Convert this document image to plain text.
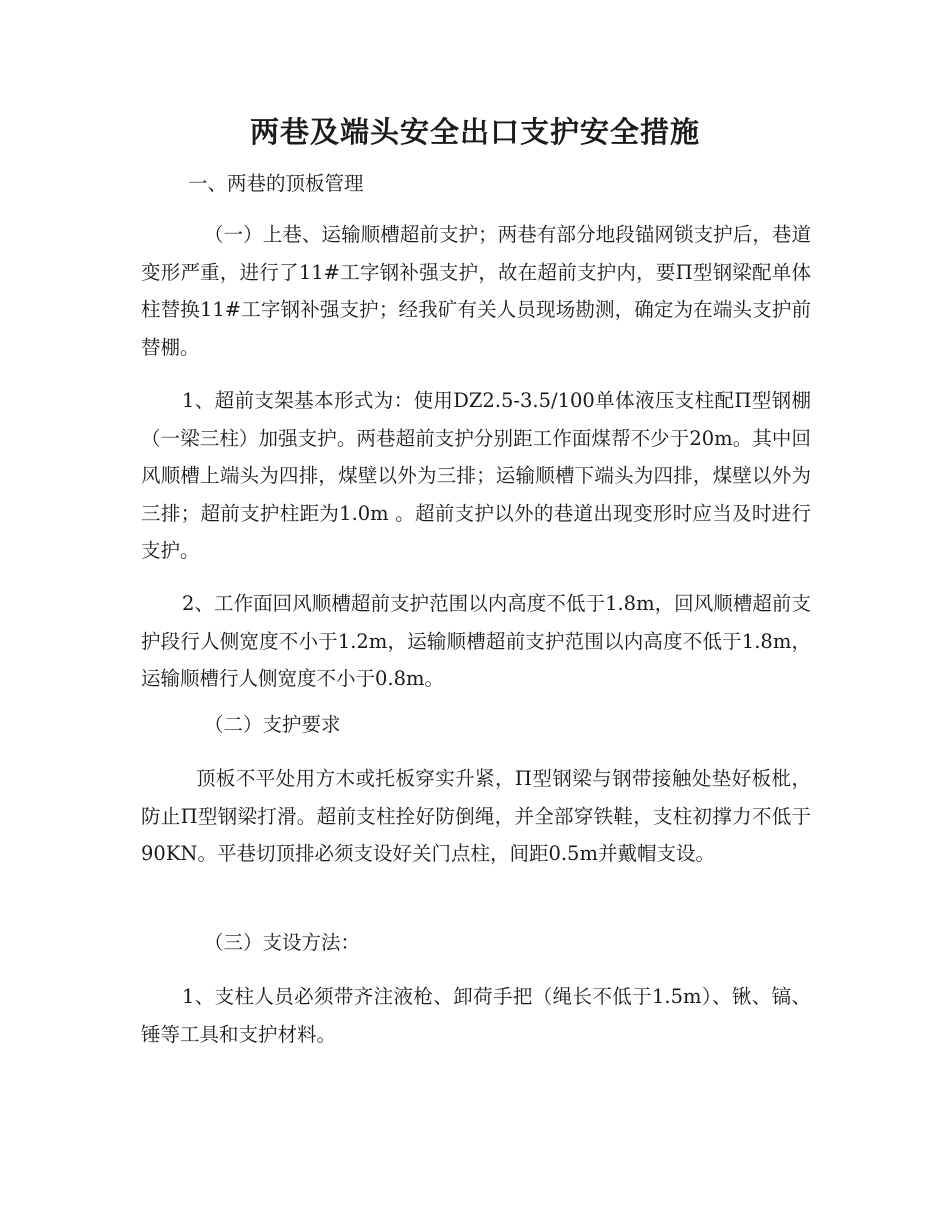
两巷及端头安全出口支护安全措施

一、两巷的顶板管理

（一）上巷、运输顺槽超前支护；两巷有部分地段锚网锁支护后，巷道变形严重，进行了11#工字钢补强支护，故在超前支护内，要Π型钢梁配单体柱替换11#工字钢补强支护；经我矿有关人员现场勘测，确定为在端头支护前替棚。

1、超前支架基本形式为：使用DZ2.5-3.5/100单体液压支柱配Π型钢棚（一梁三柱）加强支护。两巷超前支护分别距工作面煤帮不少于20m。其中回风顺槽上端头为四排，煤壁以外为三排；运输顺槽下端头为四排，煤壁以外为三排；超前支护柱距为1.0m 。超前支护以外的巷道出现变形时应当及时进行支护。

2、工作面回风顺槽超前支护范围以内高度不低于1.8m，回风顺槽超前支护段行人侧宽度不小于1.2m，运输顺槽超前支护范围以内高度不低于1.8m，运输顺槽行人侧宽度不小于0.8m。

（二）支护要求

顶板不平处用方木或托板穿实升紧，Π型钢梁与钢带接触处垫好板枇，防止Π型钢梁打滑。超前支柱拴好防倒绳，并全部穿铁鞋，支柱初撑力不低于90KN。平巷切顶排必须支设好关门点柱，间距0.5m并戴帽支设。

（三）支设方法：

1、支柱人员必须带齐注液枪、卸荷手把（绳长不低于1.5m）、锹、镐、锤等工具和支护材料。
